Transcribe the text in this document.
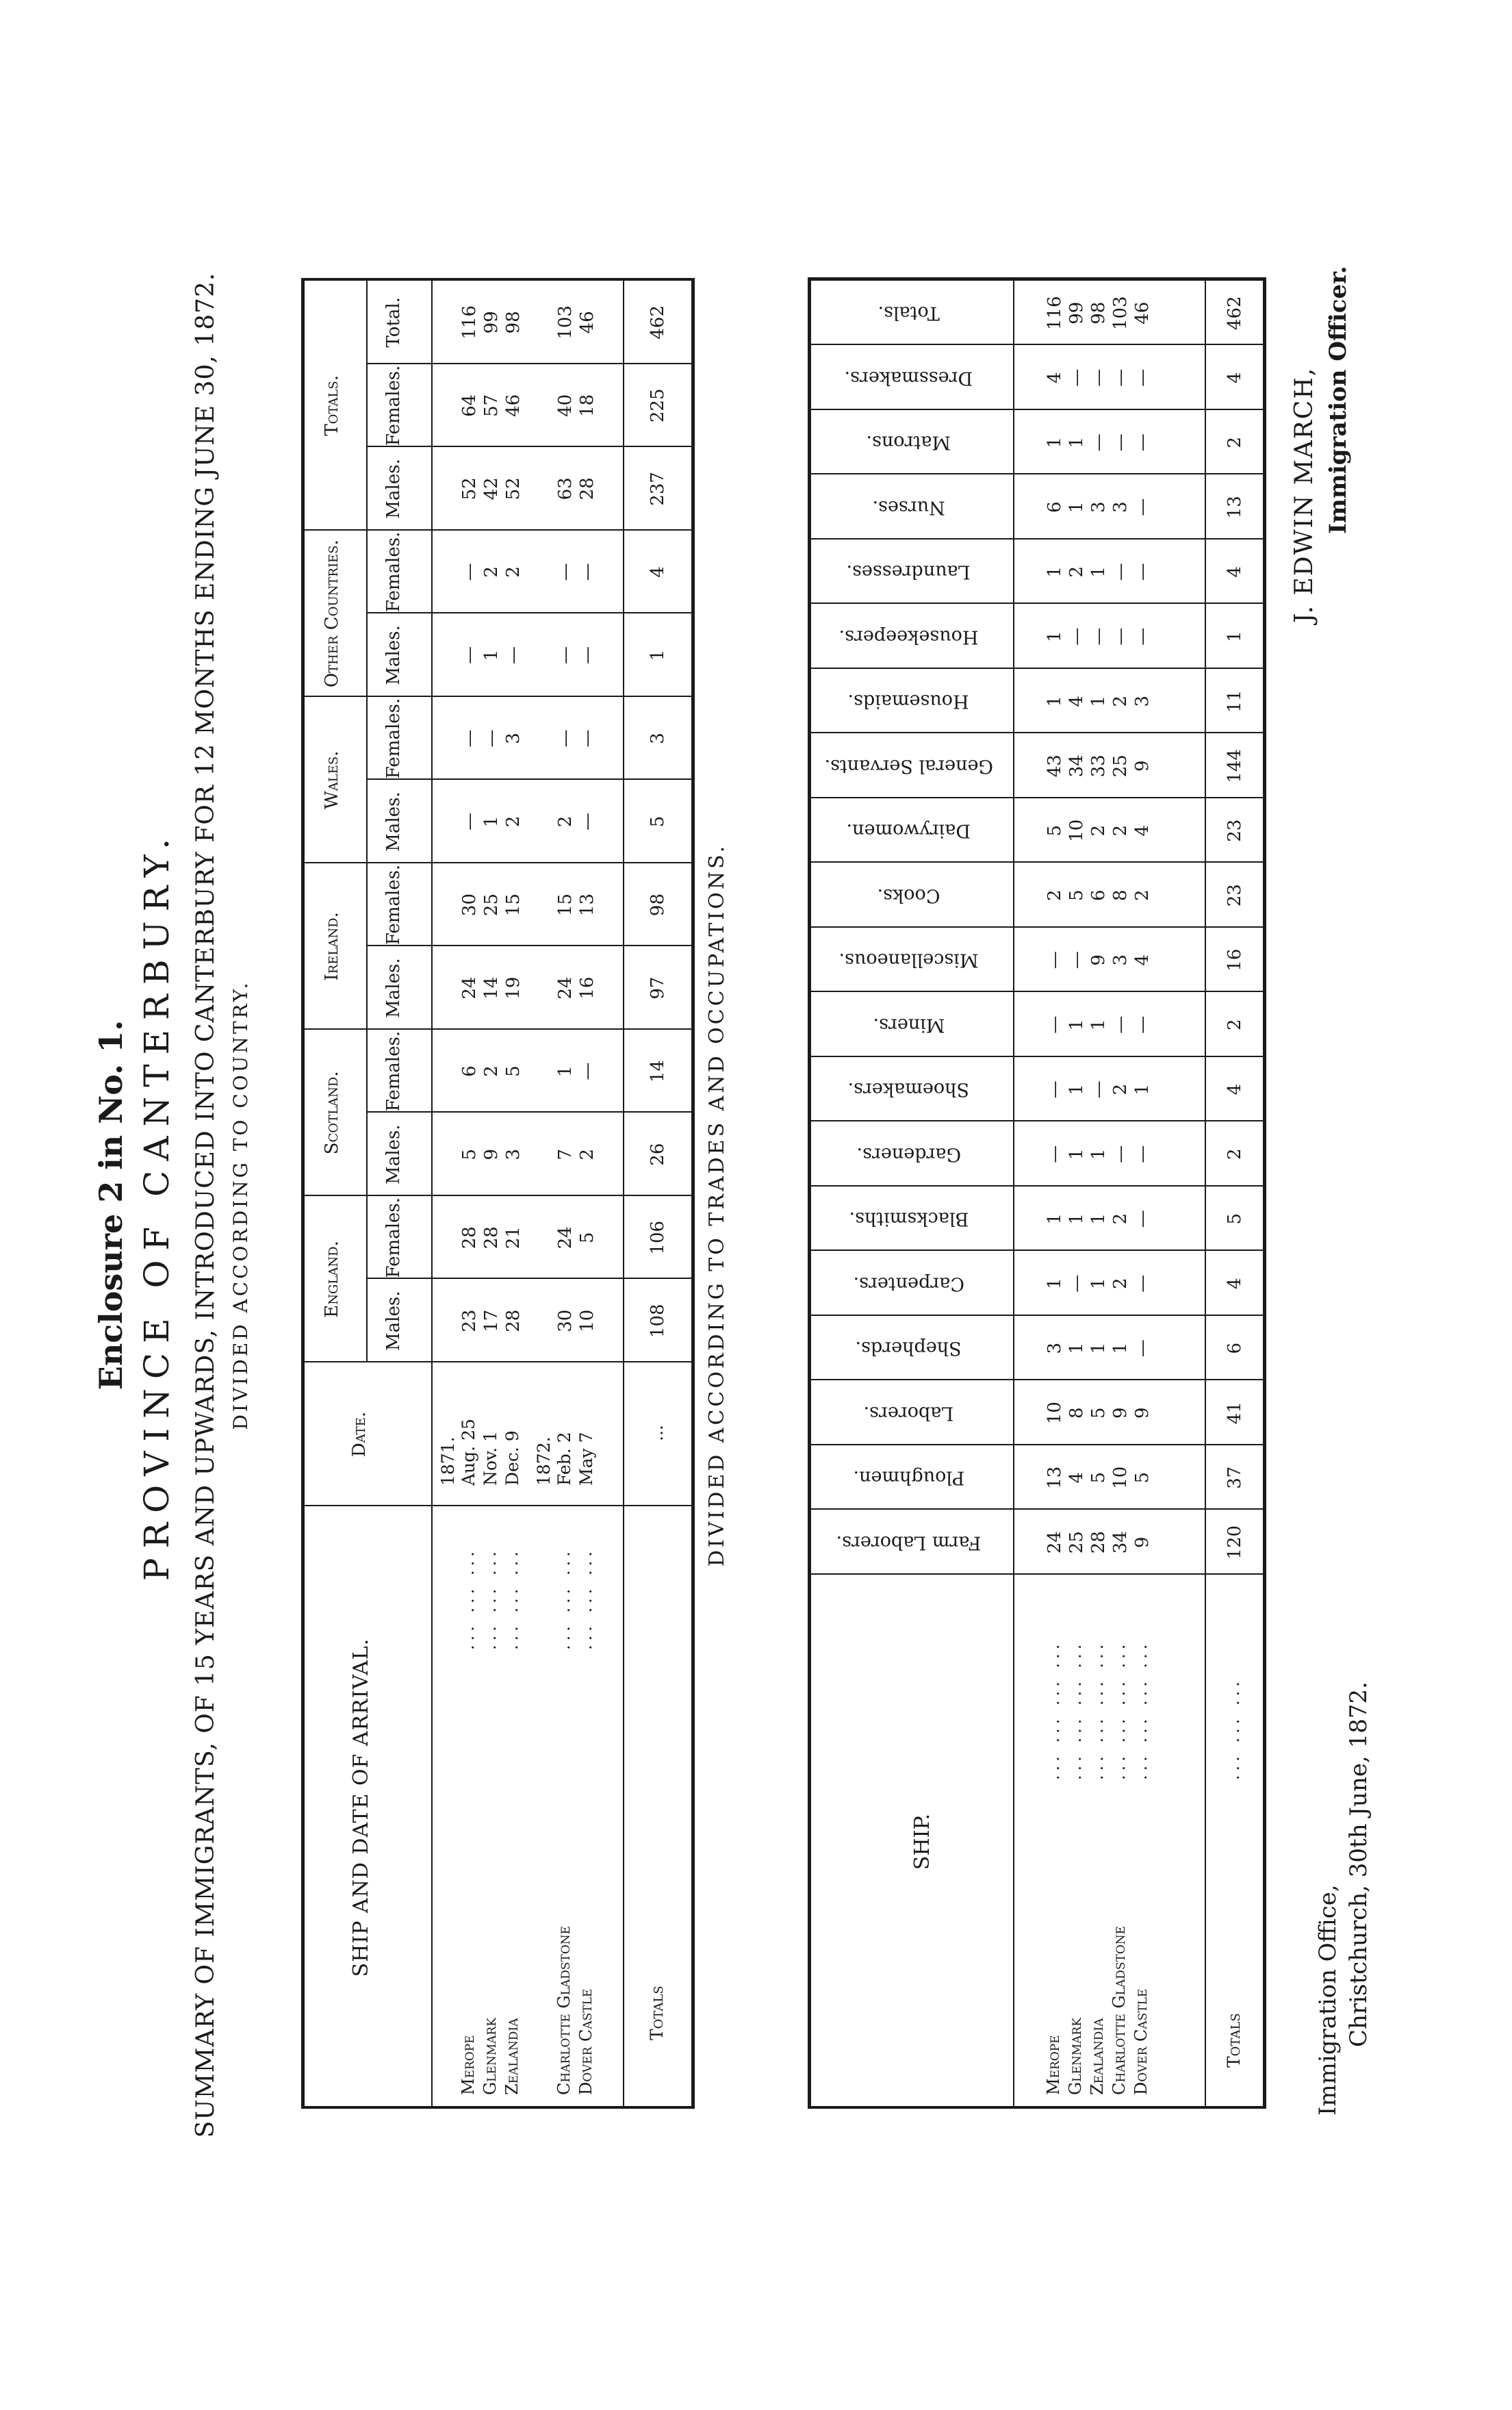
Enclosure 2 in No. 1. PROVINCE OF CANTERBURY. SUMMARY OF IMMIGRANTS, OF 15 YEARS AND UPWARDS, INTRODUCED INTO CANTERBURY FOR 12 MONTHS ENDING JUNE 30, 1872. DIVIDED ACCORDING TO COUNTRY.	DIVIDED ACCORDING TO TRADES AND OCCUPATIONS.
SHIP AND DATE OF ARRIVAL.
Date.
England.
Scotland.
Ireland.
Wales.
Other Countries.
Totals.
Males.
Females.
Males.
Females.
Males.
Females.
Males.
Females.
Males.
Females.
Males.
Females.
Total.
Merope
... ... ...
1871. Aug. 25
Glenmark
... ... ...
Nov. 1
Zealandia
... ... ...
Dec. 9
Charlotte Gladstone
... ... ...
1872. Feb. 2
Dover Castle
... ... ...
May 7
23 17 28 30 10
28 28 21 24 5
5 9 3 7 2
6 2 5 1 —
24 14 19 24 16
30 25 15 15 13
— 1 2 2 —
— — 3 — —
— 1 — — —
— 2 2 — —
52 42 52 63 28
64 57 46 40 18
116 99 98 103 46
Totals
...
108
106
26
14
97
98
5
3
1
4
237
225
462
SHIP.
Farm Laborers.
Ploughmen.
Laborers.
Shepherds.
Carpenters.
Blacksmiths.
Gardeners.
Shoemakers.
Miners.
Miscellaneous.
Cooks.
Dairywomen.
General Servants.
Housemaids.
Housekeepers.
Laundresses.
Nurses.
Matrons.
Dressmakers.
Totals.
Merope
... ... ... ...
Glenmark
... ... ... ...
Zealandia
... ... ... ...
Charlotte Gladstone
... ... ... ...
Dover Castle
... ... ... ...
24 25 28 34 9
13 4 5 10 5
10 8 5 9 9
3 1 1 1 —
1 — 1 2 —
1 1 1 2 —
— 1 1 — —
— 1 — 2 1
— 1 1 — —
— — 9 3 4
2 5 6 8 2
5 10 2 2 4
43 34 33 25 9
1 4 1 2 3
1 — — — —
1 2 1 — —
6 1 3 3 —
1 1 — — —
4 — — — —
116 99 98 103 46
Totals
... ... ...
120
37
41
6
4
5
2
4
2
16
23
23
144
11
1
4
13
2
4
462
Immigration Office, Christchurch, 30th June, 1872.
J. EDWIN MARCH, Immigration Officer.
